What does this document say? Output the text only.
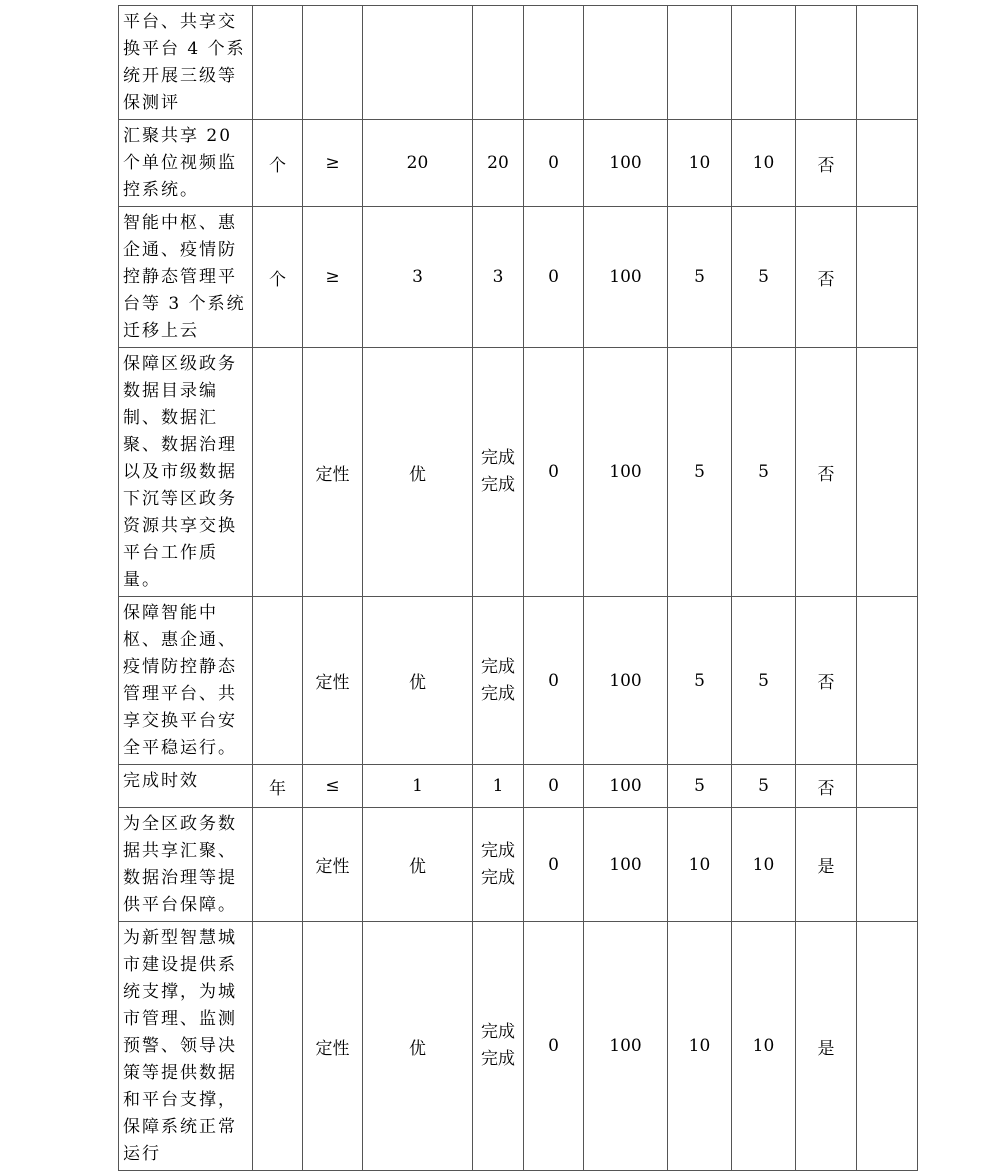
平台、共享交换平台 4 个系统开展三级等保测评										
汇聚共享 20 个单位视频监控系统。	个	≥	20	20	0	100	10	10	否	
智能中枢、惠企通、疫情防控静态管理平台等 3 个系统迁移上云	个	≥	3	3	0	100	5	5	否	
保障区级政务数据目录编制、数据汇聚、数据治理以及市级数据下沉等区政务资源共享交换平台工作质量。		定性	优	完成完成	0	100	5	5	否	
保障智能中枢、惠企通、疫情防控静态管理平台、共享交换平台安全平稳运行。		定性	优	完成完成	0	100	5	5	否	
完成时效	年	≤	1	1	0	100	5	5	否	
为全区政务数据共享汇聚、数据治理等提供平台保障。		定性	优	完成完成	0	100	10	10	是	
为新型智慧城市建设提供系统支撑，为城市管理、监测预警、领导决策等提供数据和平台支撑，保障系统正常运行		定性	优	完成完成	0	100	10	10	是	
